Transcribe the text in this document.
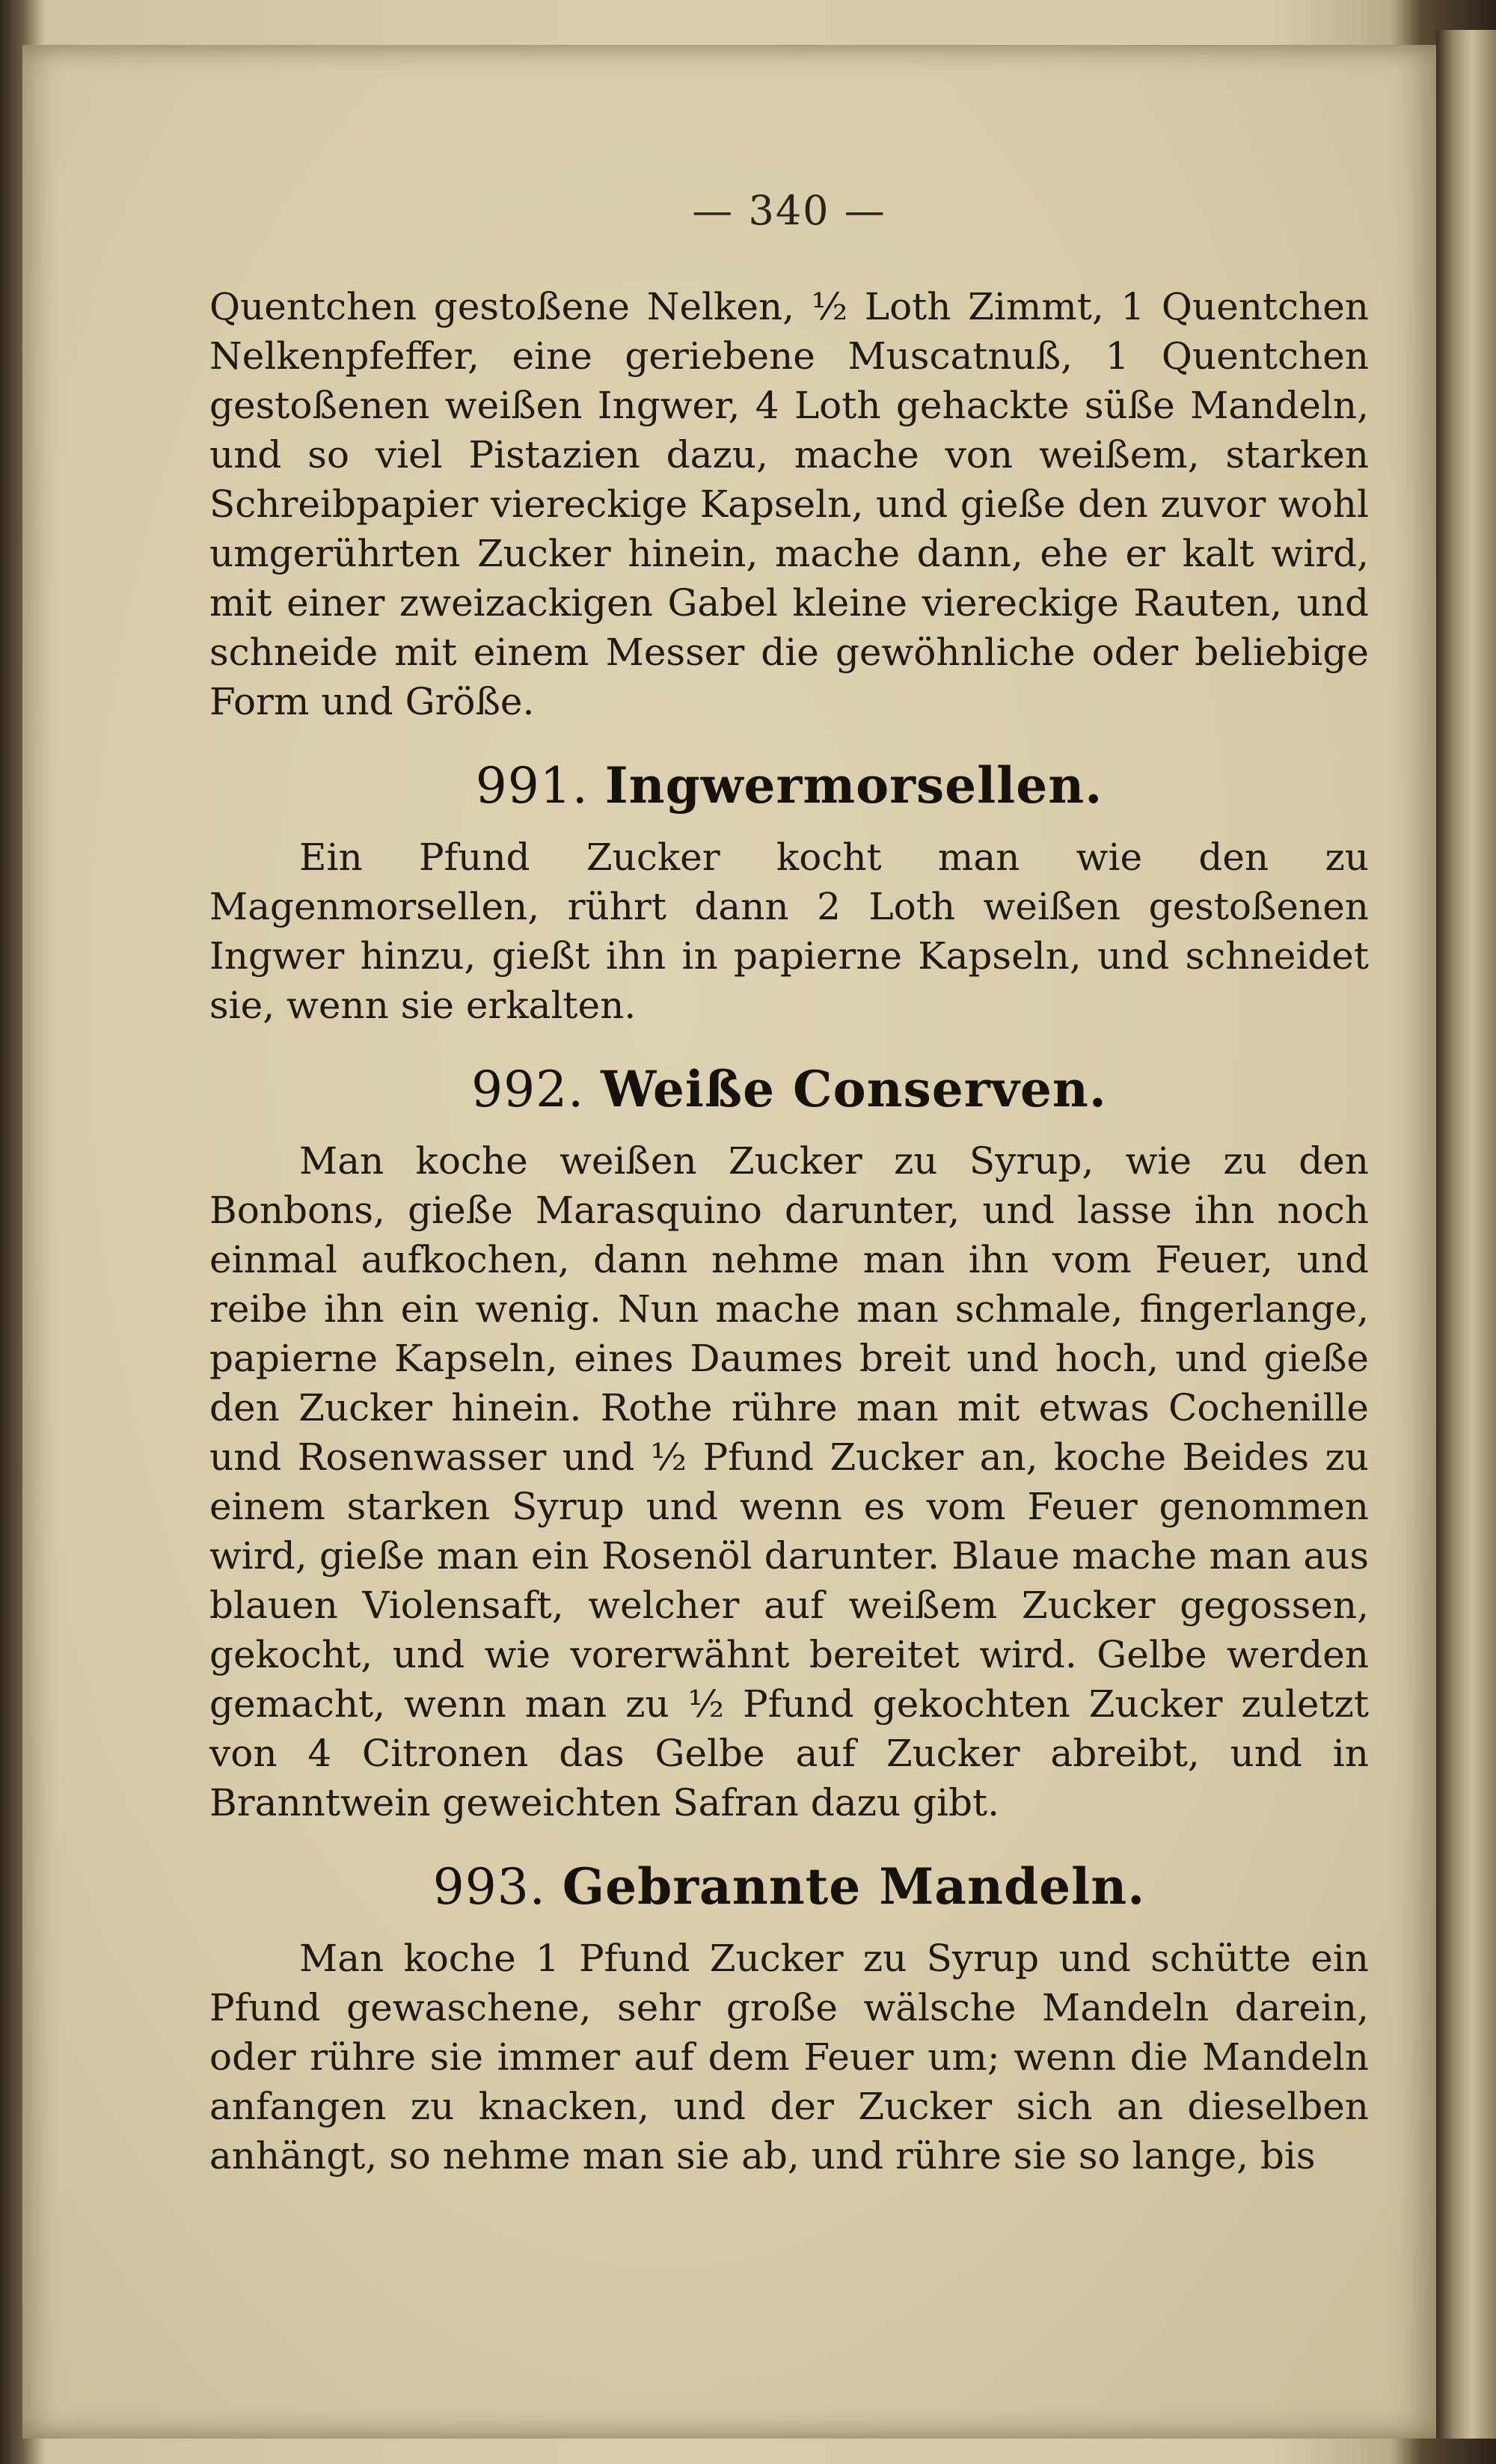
— 340 —

Quentchen gestoßene Nelken, ½ Loth Zimmt, 1 Quentchen Nelkenpfeffer, eine geriebene Muscatnuß, 1 Quentchen gestoßenen weißen Ingwer, 4 Loth gehackte süße Mandeln, und so viel Pistazien dazu, mache von weißem, starken Schreibpapier viereckige Kapseln, und gieße den zuvor wohl umgerührten Zucker hinein, mache dann, ehe er kalt wird, mit einer zweizackigen Gabel kleine viereckige Rauten, und schneide mit einem Messer die gewöhnliche oder beliebige Form und Größe.

991. Ingwermorsellen.

Ein Pfund Zucker kocht man wie den zu Magenmorsellen, rührt dann 2 Loth weißen gestoßenen Ingwer hinzu, gießt ihn in papierne Kapseln, und schneidet sie, wenn sie erkalten.

992. Weiße Conserven.

Man koche weißen Zucker zu Syrup, wie zu den Bonbons, gieße Marasquino darunter, und lasse ihn noch einmal aufkochen, dann nehme man ihn vom Feuer, und reibe ihn ein wenig. Nun mache man schmale, fingerlange, papierne Kapseln, eines Daumes breit und hoch, und gieße den Zucker hinein. Rothe rühre man mit etwas Cochenille und Rosenwasser und ½ Pfund Zucker an, koche Beides zu einem starken Syrup und wenn es vom Feuer genommen wird, gieße man ein Rosenöl darunter. Blaue mache man aus blauen Violensaft, welcher auf weißem Zucker gegossen, gekocht, und wie vorerwähnt bereitet wird. Gelbe werden gemacht, wenn man zu ½ Pfund gekochten Zucker zuletzt von 4 Citronen das Gelbe auf Zucker abreibt, und in Branntwein geweichten Safran dazu gibt.

993. Gebrannte Mandeln.

Man koche 1 Pfund Zucker zu Syrup und schütte ein Pfund gewaschene, sehr große wälsche Mandeln darein, oder rühre sie immer auf dem Feuer um; wenn die Mandeln anfangen zu knacken, und der Zucker sich an dieselben anhängt, so nehme man sie ab, und rühre sie so lange, bis
